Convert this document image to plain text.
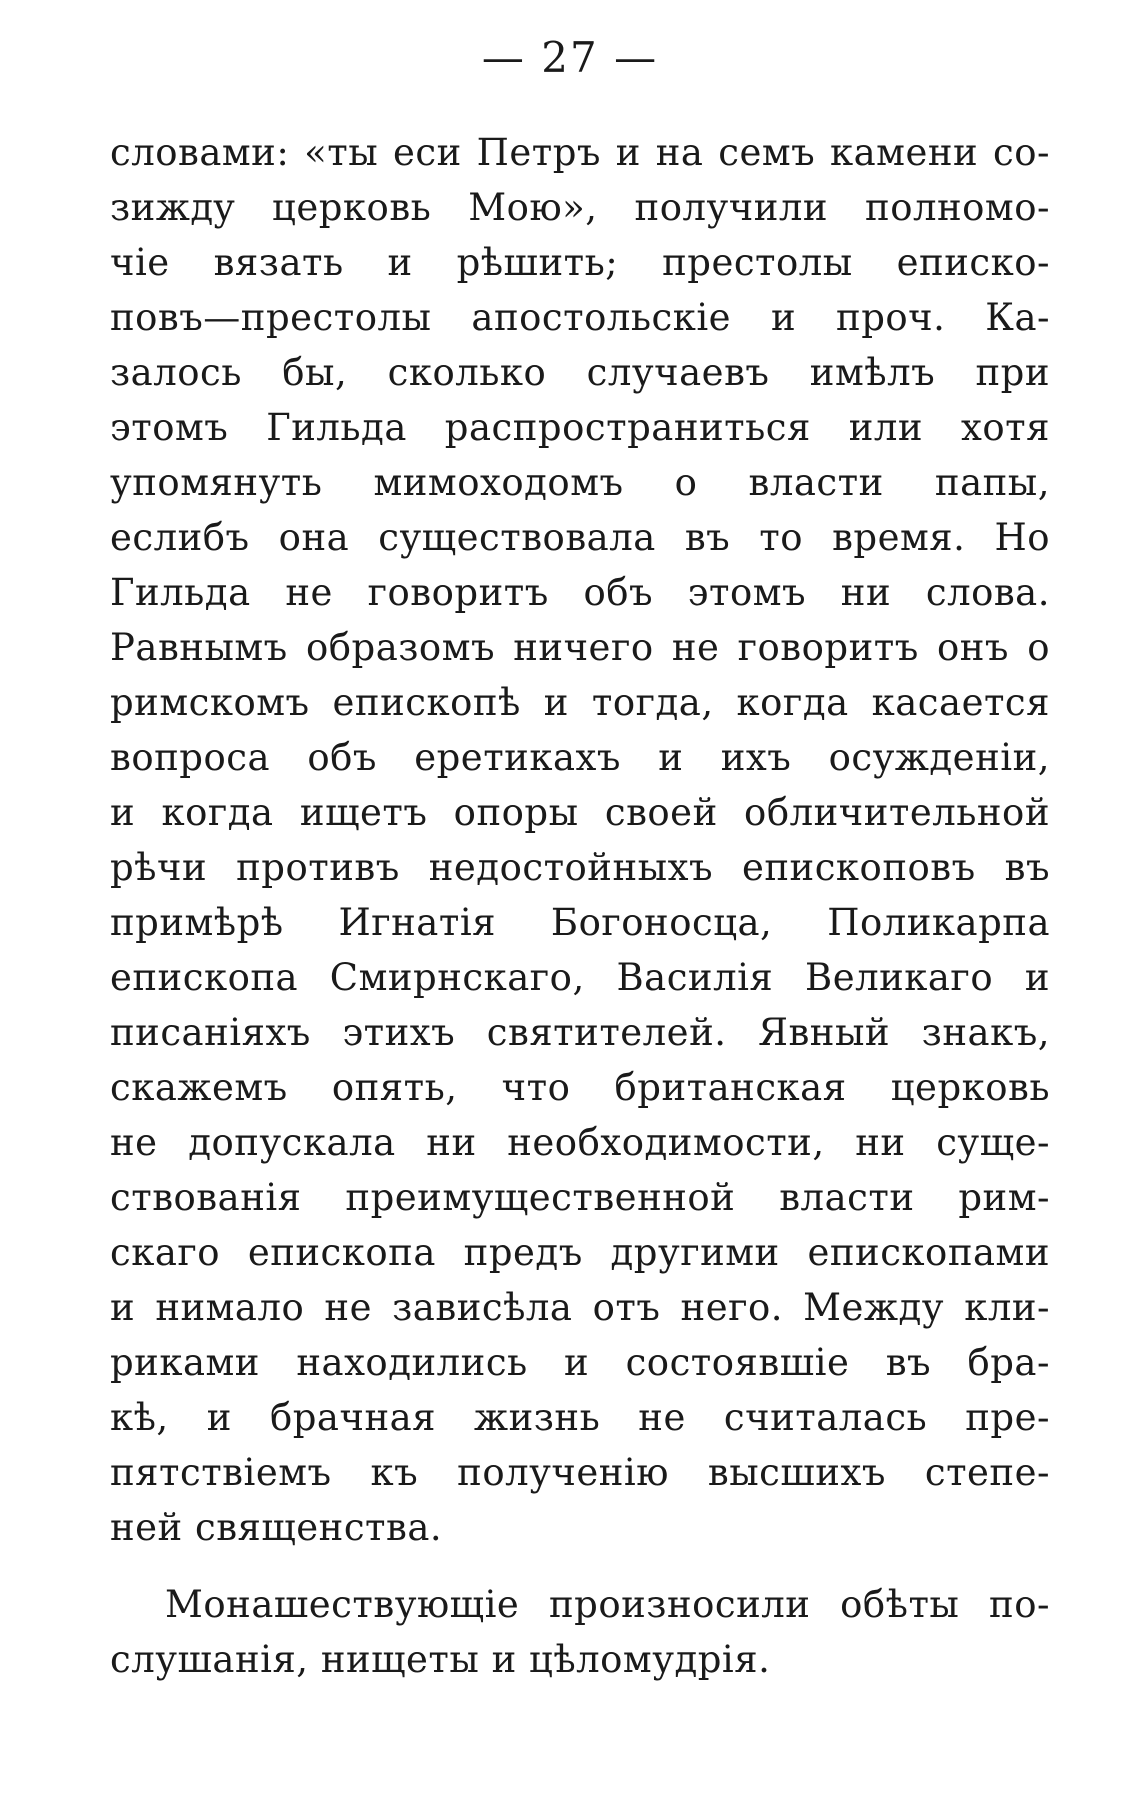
— 27 —
словами: «ты еси Петръ и на семъ камени со-
зиждy церковь Мою», получили полномо-
чіе вязать и рѣшить; престолы еписко-
повъ—престолы апостольскіе и проч. Ка-
залось бы, сколько случаевъ имѣлъ при
этомъ Гильда распространиться или хотя
упомянуть мимоходомъ о власти папы,
еслибъ она существовала въ то время. Но
Гильда не говоритъ объ этомъ ни слова.
Равнымъ образомъ ничего не говоритъ онъ о
римскомъ епископѣ и тогда, когда касается
вопроса объ еретикахъ и ихъ осужденіи,
и когда ищетъ опоры своей обличительной
рѣчи противъ недостойныхъ епископовъ въ
примѣрѣ Игнатія Богоносца, Поликарпа
епископа Смирнскаго, Василія Великаго и
писаніяхъ этихъ святителей. Явный знакъ,
скажемъ опять, что британская церковь
не допускала ни необходимости, ни суще-
ствованія преимущественной власти рим-
скаго епископа предъ другими епископами
и нимало не зависѣла отъ него. Между кли-
риками находились и состоявшіе въ бра-
кѣ, и брачная жизнь не считалась пре-
пятствіемъ къ полученію высшихъ степе-
ней священства.
Монашествующіе произносили обѣты по-
слушанія, нищеты и цѣломудрія.
